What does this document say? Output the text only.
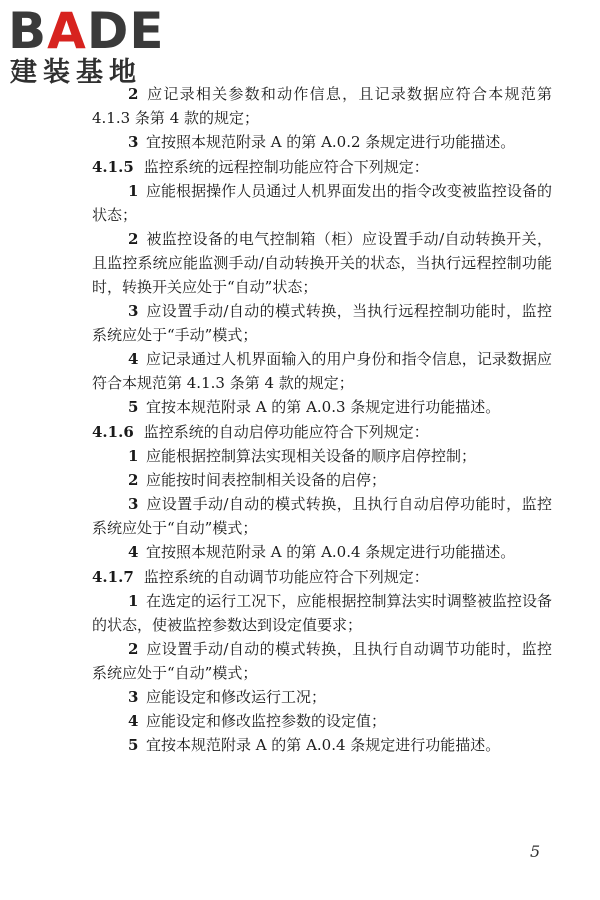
BADE
建装基地

2 应记录相关参数和动作信息，且记录数据应符合本规范第 4.1.3 条第 4 款的规定；

3 宜按照本规范附录 A 的第 A.0.2 条规定进行功能描述。

4.1.5 监控系统的远程控制功能应符合下列规定：

1 应能根据操作人员通过人机界面发出的指令改变被监控设备的状态；

2 被监控设备的电气控制箱（柜）应设置手动/自动转换开关，且监控系统应能监测手动/自动转换开关的状态，当执行远程控制功能时，转换开关应处于“自动”状态；

3 应设置手动/自动的模式转换，当执行远程控制功能时，监控系统应处于“手动”模式；

4 应记录通过人机界面输入的用户身份和指令信息，记录数据应符合本规范第 4.1.3 条第 4 款的规定；

5 宜按本规范附录 A 的第 A.0.3 条规定进行功能描述。

4.1.6 监控系统的自动启停功能应符合下列规定：

1 应能根据控制算法实现相关设备的顺序启停控制；

2 应能按时间表控制相关设备的启停；

3 应设置手动/自动的模式转换，且执行自动启停功能时，监控系统应处于“自动”模式；

4 宜按照本规范附录 A 的第 A.0.4 条规定进行功能描述。

4.1.7 监控系统的自动调节功能应符合下列规定：

1 在选定的运行工况下，应能根据控制算法实时调整被监控设备的状态，使被监控参数达到设定值要求；

2 应设置手动/自动的模式转换，且执行自动调节功能时，监控系统应处于“自动”模式；

3 应能设定和修改运行工况；

4 应能设定和修改监控参数的设定值；

5 宜按本规范附录 A 的第 A.0.4 条规定进行功能描述。

5
